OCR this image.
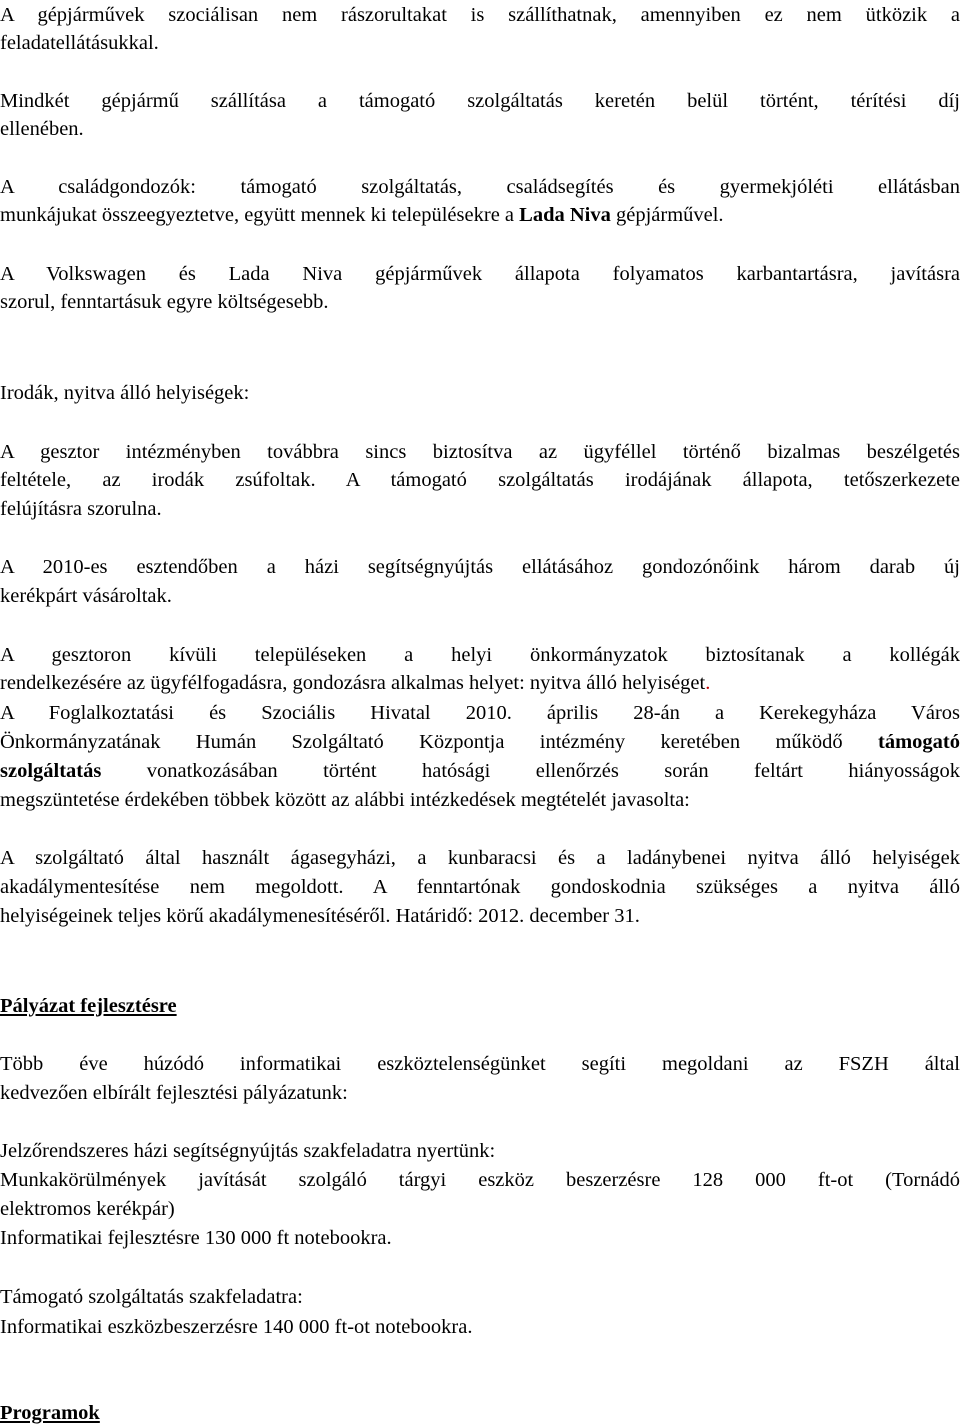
A gépjárművek szociálisan nem rászorultakat is szállíthatnak, amennyiben ez nem ütközik a
feladatellátásukkal.
Mindkét gépjármű szállítása a támogató szolgáltatás keretén belül történt, térítési díj
ellenében.
A családgondozók: támogató szolgáltatás, családsegítés és gyermekjóléti ellátásban
munkájukat összeegyeztetve, együtt mennek ki településekre a Lada Niva gépjárművel.
A Volkswagen és Lada Niva gépjárművek állapota folyamatos karbantartásra, javításra
szorul, fenntartásuk egyre költségesebb.
Irodák, nyitva álló helyiségek:
A gesztor intézményben továbbra sincs biztosítva az ügyféllel történő bizalmas beszélgetés
feltétele, az irodák zsúfoltak. A támogató szolgáltatás irodájának állapota, tetőszerkezete
felújításra szorulna.
A 2010-es esztendőben a házi segítségnyújtás ellátásához gondozónőink három darab új
kerékpárt vásároltak.
A gesztoron kívüli településeken a helyi önkormányzatok biztosítanak a kollégák
rendelkezésére az ügyfélfogadásra, gondozásra alkalmas helyet: nyitva álló helyiséget.
A Foglalkoztatási és Szociális Hivatal 2010. április 28-án a Kerekegyháza Város
Önkormányzatának Humán Szolgáltató Központja intézmény keretében működő támogató
szolgáltatás vonatkozásában történt hatósági ellenőrzés során feltárt hiányosságok
megszüntetése érdekében többek között az alábbi intézkedések megtételét javasolta:
A szolgáltató által használt ágasegyházi, a kunbaracsi és a ladánybenei nyitva álló helyiségek
akadálymentesítése nem megoldott. A fenntartónak gondoskodnia szükséges a nyitva álló
helyiségeinek teljes körű akadálymenesítéséről. Határidő: 2012. december 31.
Pályázat fejlesztésre
Több éve húzódó informatikai eszköztelenségünket segíti megoldani az FSZH által
kedvezően elbírált fejlesztési pályázatunk:
Jelzőrendszeres házi segítségnyújtás szakfeladatra nyertünk:
Munkakörülmények javítását szolgáló tárgyi eszköz beszerzésre 128 000 ft-ot (Tornádó
elektromos kerékpár)
Informatikai fejlesztésre 130 000 ft notebookra.
Támogató szolgáltatás szakfeladatra:
Informatikai eszközbeszerzésre 140 000 ft-ot notebookra.
Programok
